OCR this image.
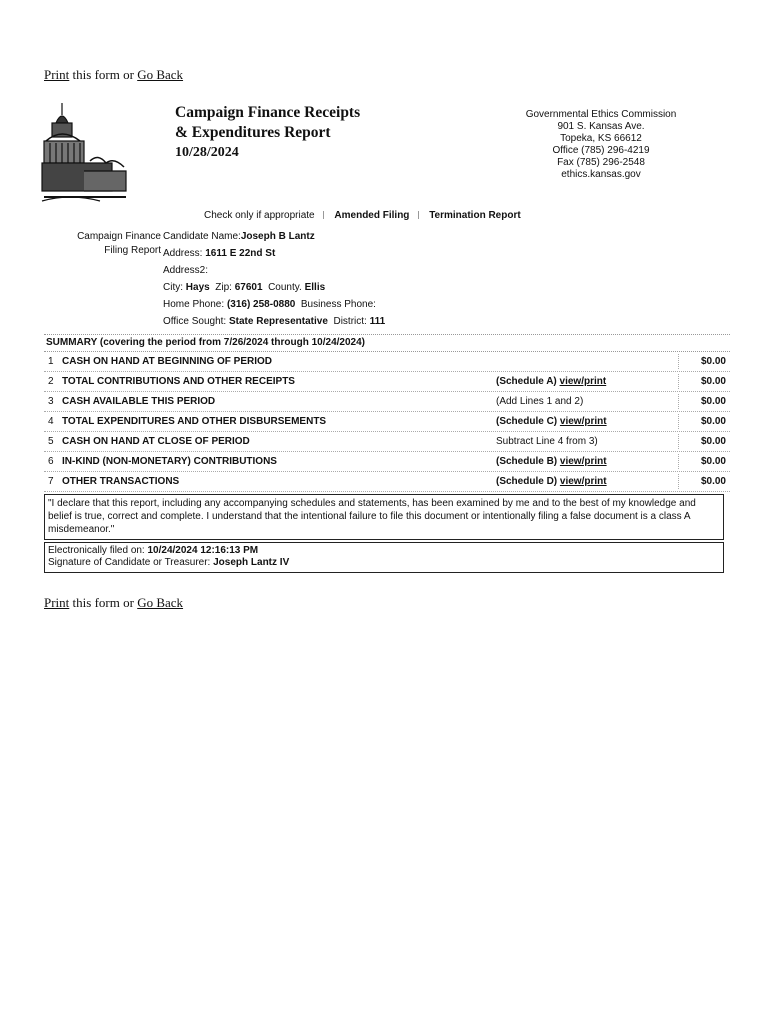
Print this form or Go Back
Campaign Finance Receipts
& Expenditures Report
10/28/2024
Governmental Ethics Commission
901 S. Kansas Ave.
Topeka, KS 66612
Office (785) 296-4219
Fax (785) 296-2548
ethics.kansas.gov
Check only if appropriate Amended Filing Termination Report
Campaign Finance
Filing Report
Candidate Name:Joseph B Lantz
Address: 1611 E 22nd St
Address2:
City: Hays Zip: 67601 County. Ellis
Home Phone: (316) 258-0880 Business Phone:
Office Sought: State Representative District: 111
SUMMARY (covering the period from 7/26/2024 through 10/24/2024)
1 CASH ON HAND AT BEGINNING OF PERIOD	$0.00
2 TOTAL CONTRIBUTIONS AND OTHER RECEIPTS	(Schedule A) view/print	$0.00
3 CASH AVAILABLE THIS PERIOD	(Add Lines 1 and 2)	$0.00
4 TOTAL EXPENDITURES AND OTHER DISBURSEMENTS	(Schedule C) view/print	$0.00
5 CASH ON HAND AT CLOSE OF PERIOD	Subtract Line 4 from 3)	$0.00
6 IN-KIND (NON-MONETARY) CONTRIBUTIONS	(Schedule B) view/print	$0.00
7 OTHER TRANSACTIONS	(Schedule D) view/print	$0.00
"I declare that this report, including any accompanying schedules and statements, has been examined by me and to the best of my knowledge and belief is true, correct and complete. I understand that the intentional failure to file this document or intentionally filing a false document is a class A misdemeanor."
Electronically filed on: 10/24/2024 12:16:13 PM
Signature of Candidate or Treasurer: Joseph Lantz IV
Print this form or Go Back
